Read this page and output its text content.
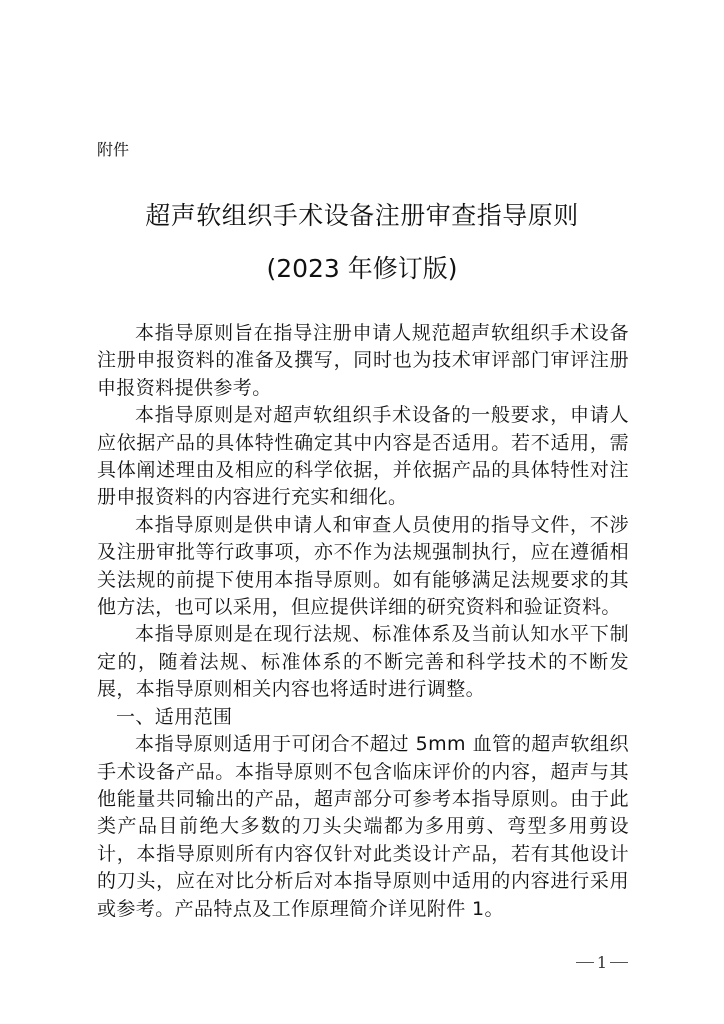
附件
超声软组织手术设备注册审查指导原则
(2023 年修订版)

本指导原则旨在指导注册申请人规范超声软组织手术设备注册申报资料的准备及撰写，同时也为技术审评部门审评注册申报资料提供参考。

本指导原则是对超声软组织手术设备的一般要求，申请人应依据产品的具体特性确定其中内容是否适用。若不适用，需具体阐述理由及相应的科学依据，并依据产品的具体特性对注册申报资料的内容进行充实和细化。

本指导原则是供申请人和审查人员使用的指导文件，不涉及注册审批等行政事项，亦不作为法规强制执行，应在遵循相关法规的前提下使用本指导原则。如有能够满足法规要求的其他方法，也可以采用，但应提供详细的研究资料和验证资料。

本指导原则是在现行法规、标准体系及当前认知水平下制定的，随着法规、标准体系的不断完善和科学技术的不断发展，本指导原则相关内容也将适时进行调整。

一、适用范围

本指导原则适用于可闭合不超过 5mm 血管的超声软组织手术设备产品。本指导原则不包含临床评价的内容，超声与其他能量共同输出的产品，超声部分可参考本指导原则。由于此类产品目前绝大多数的刀头尖端都为多用剪、弯型多用剪设计，本指导原则所有内容仅针对此类设计产品，若有其他设计的刀头，应在对比分析后对本指导原则中适用的内容进行采用或参考。产品特点及工作原理简介详见附件 1。

1
